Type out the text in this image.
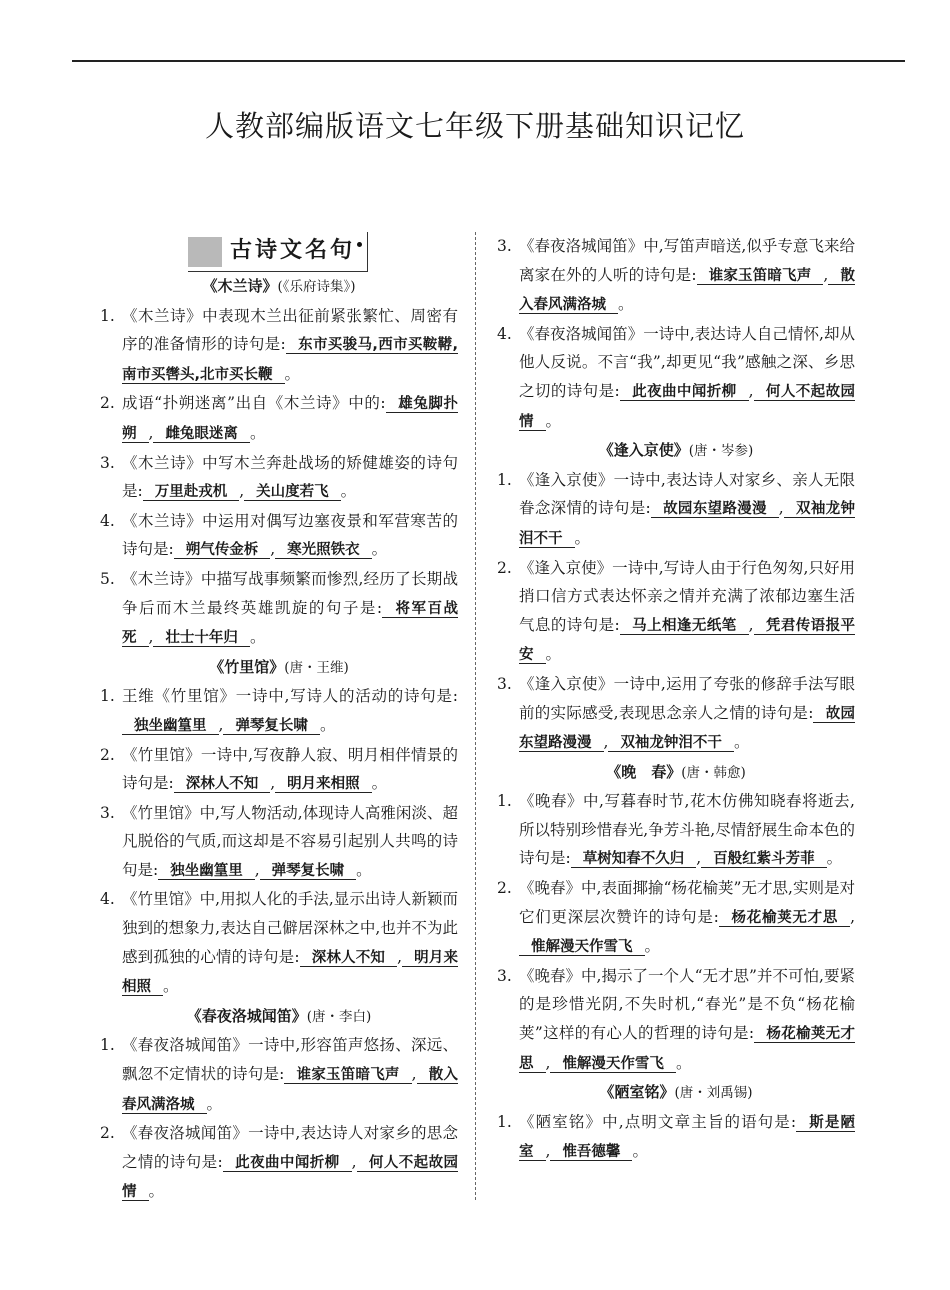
人教部编版语文七年级下册基础知识记忆
古诗文名句
《木兰诗》(《乐府诗集》)
1. 《木兰诗》中表现木兰出征前紧张繁忙、周密有序的准备情形的诗句是: 东市买骏马,西市买鞍鞯,南市买辔头,北市买长鞭 。
2. 成语“扑朔迷离”出自《木兰诗》中的: 雄兔脚扑朔 , 雌兔眼迷离 。
3. 《木兰诗》中写木兰奔赴战场的矫健雄姿的诗句是: 万里赴戎机 , 关山度若飞 。
4. 《木兰诗》中运用对偶写边塞夜景和军营寒苦的诗句是: 朔气传金柝 , 寒光照铁衣 。
5. 《木兰诗》中描写战事频繁而惨烈,经历了长期战争后而木兰最终英雄凯旋的句子是: 将军百战死 , 壮士十年归 。
《竹里馆》(唐・王维)
1. 王维《竹里馆》一诗中,写诗人的活动的诗句是:独坐幽篁里 , 弹琴复长啸 。
2. 《竹里馆》一诗中,写夜静人寂、明月相伴情景的诗句是: 深林人不知 , 明月来相照 。
3. 《竹里馆》中,写人物活动,体现诗人高雅闲淡、超凡脱俗的气质,而这却是不容易引起别人共鸣的诗句是: 独坐幽篁里 , 弹琴复长啸 。
4. 《竹里馆》中,用拟人化的手法,显示出诗人新颖而独到的想象力,表达自己僻居深林之中,也并不为此感到孤独的心情的诗句是: 深林人不知 , 明月来相照 。
《春夜洛城闻笛》(唐・李白)
1. 《春夜洛城闻笛》一诗中,形容笛声悠扬、深远、飘忽不定情状的诗句是: 谁家玉笛暗飞声 , 散入春风满洛城 。
2. 《春夜洛城闻笛》一诗中,表达诗人对家乡的思念之情的诗句是: 此夜曲中闻折柳 , 何人不起故园情 。
3. 《春夜洛城闻笛》中,写笛声暗送,似乎专意飞来给离家在外的人听的诗句是: 谁家玉笛暗飞声 , 散入春风满洛城 。
4. 《春夜洛城闻笛》一诗中,表达诗人自己情怀,却从他人反说。不言“我”,却更见“我”感触之深、乡思之切的诗句是: 此夜曲中闻折柳 , 何人不起故园情 。
《逢入京使》(唐・岑参)
1. 《逢入京使》一诗中,表达诗人对家乡、亲人无限眷念深情的诗句是: 故园东望路漫漫 , 双袖龙钟泪不干 。
2. 《逢入京使》一诗中,写诗人由于行色匆匆,只好用捎口信方式表达怀亲之情并充满了浓郁边塞生活气息的诗句是: 马上相逢无纸笔 , 凭君传语报平安 。
3. 《逢入京使》一诗中,运用了夸张的修辞手法写眼前的实际感受,表现思念亲人之情的诗句是: 故园东望路漫漫 , 双袖龙钟泪不干 。
《晚　春》(唐・韩愈)
1. 《晚春》中,写暮春时节,花木仿佛知晓春将逝去,所以特别珍惜春光,争芳斗艳,尽情舒展生命本色的诗句是: 草树知春不久归 , 百般红紫斗芳菲 。
2. 《晚春》中,表面揶揄“杨花榆荚”无才思,实则是对它们更深层次赞许的诗句是: 杨花榆荚无才思 ,惟解漫天作雪飞 。
3. 《晚春》中,揭示了一个人“无才思”并不可怕,要紧的是珍惜光阴,不失时机,“春光”是不负“杨花榆荚”这样的有心人的哲理的诗句是: 杨花榆荚无才思 , 惟解漫天作雪飞 。
《陋室铭》(唐・刘禹锡)
1. 《陋室铭》中,点明文章主旨的语句是: 斯是陋室 , 惟吾德馨 。
